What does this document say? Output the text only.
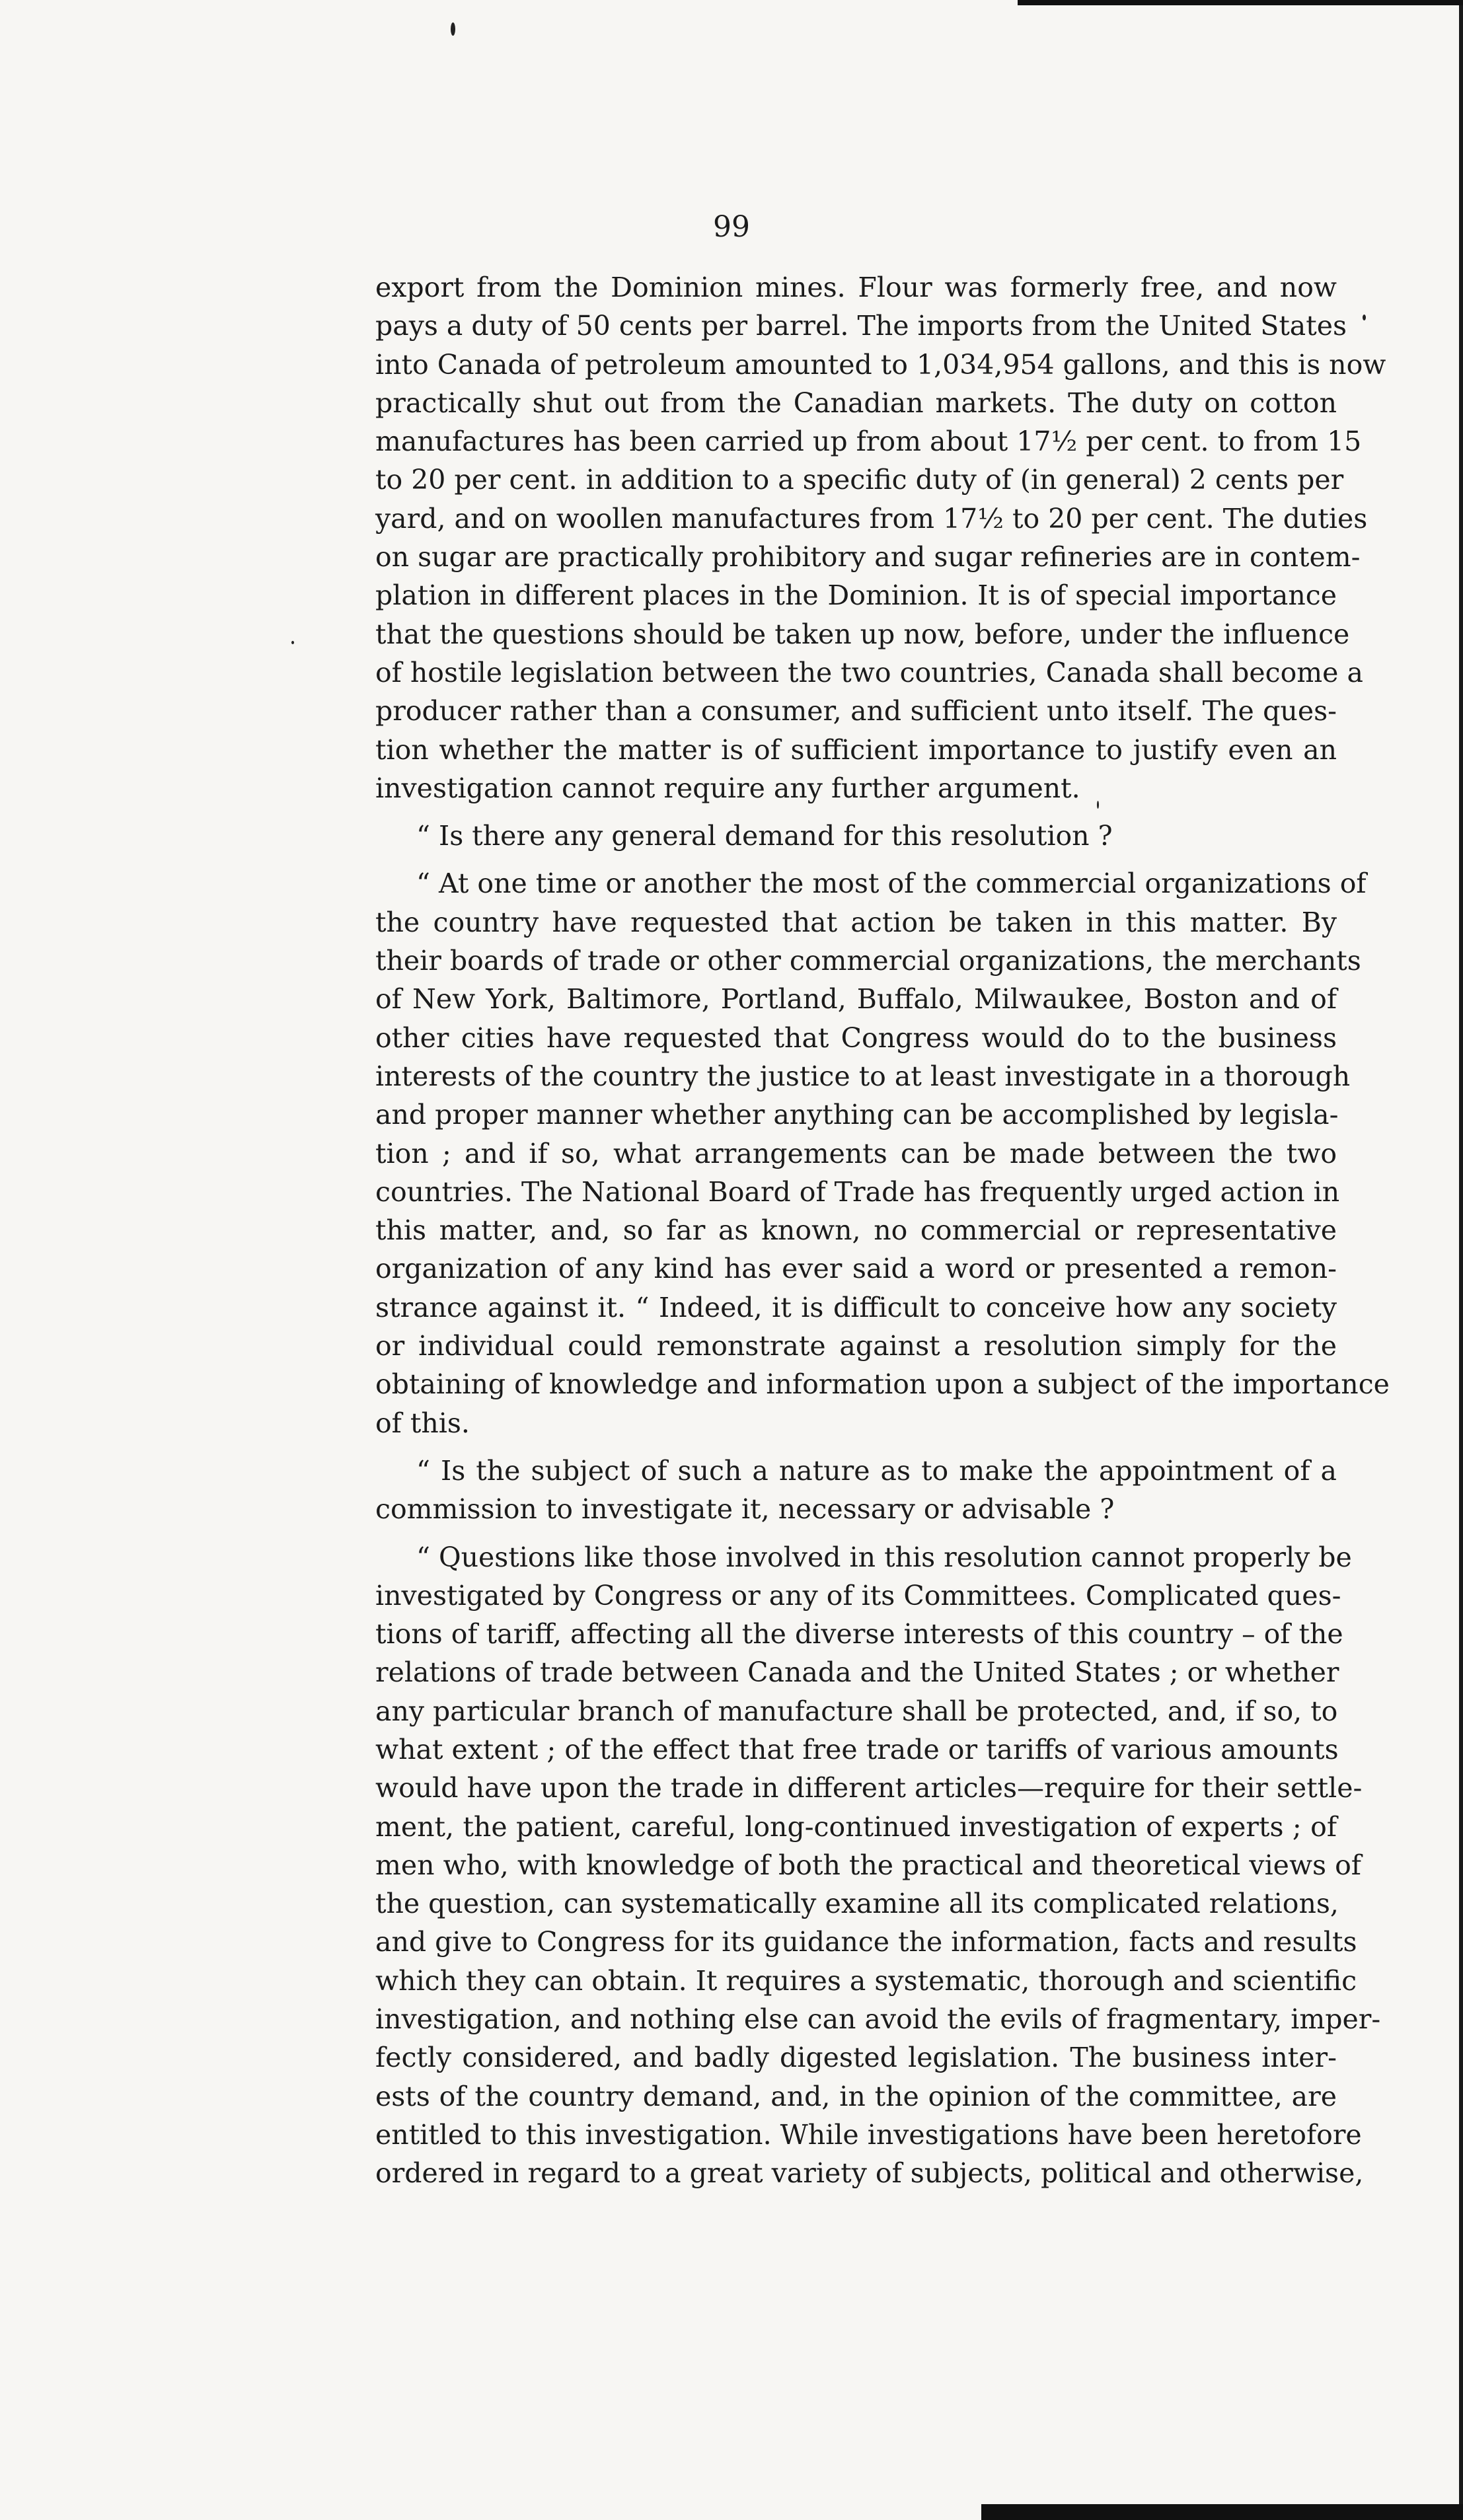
99
export from the Dominion mines. Flour was formerly free, and now
pays a duty of 50 cents per barrel. The imports from the United States
into Canada of petroleum amounted to 1,034,954 gallons, and this is now
practically shut out from the Canadian markets. The duty on cotton
manufactures has been carried up from about 17½ per cent. to from 15
to 20 per cent. in addition to a specific duty of (in general) 2 cents per
yard, and on woollen manufactures from 17½ to 20 per cent. The duties
on sugar are practically prohibitory and sugar refineries are in contem-
plation in different places in the Dominion. It is of special importance
that the questions should be taken up now, before, under the influence
of hostile legislation between the two countries, Canada shall become a
producer rather than a consumer, and sufficient unto itself. The ques-
tion whether the matter is of sufficient importance to justify even an
investigation cannot require any further argument.
“ Is there any general demand for this resolution ?
“ At one time or another the most of the commercial organizations of
the country have requested that action be taken in this matter. By
their boards of trade or other commercial organizations, the merchants
of New York, Baltimore, Portland, Buffalo, Milwaukee, Boston and of
other cities have requested that Congress would do to the business
interests of the country the justice to at least investigate in a thorough
and proper manner whether anything can be accomplished by legisla-
tion ; and if so, what arrangements can be made between the two
countries. The National Board of Trade has frequently urged action in
this matter, and, so far as known, no commercial or representative
organization of any kind has ever said a word or presented a remon-
strance against it. “ Indeed, it is difficult to conceive how any society
or individual could remonstrate against a resolution simply for the
obtaining of knowledge and information upon a subject of the importance
of this.
“ Is the subject of such a nature as to make the appointment of a
commission to investigate it, necessary or advisable ?
“ Questions like those involved in this resolution cannot properly be
investigated by Congress or any of its Committees. Complicated ques-
tions of tariff, affecting all the diverse interests of this country – of the
relations of trade between Canada and the United States ; or whether
any particular branch of manufacture shall be protected, and, if so, to
what extent ; of the effect that free trade or tariffs of various amounts
would have upon the trade in different articles—require for their settle-
ment, the patient, careful, long-continued investigation of experts ; of
men who, with knowledge of both the practical and theoretical views of
the question, can systematically examine all its complicated relations,
and give to Congress for its guidance the information, facts and results
which they can obtain. It requires a systematic, thorough and scientific
investigation, and nothing else can avoid the evils of fragmentary, imper-
fectly considered, and badly digested legislation. The business inter-
ests of the country demand, and, in the opinion of the committee, are
entitled to this investigation. While investigations have been heretofore
ordered in regard to a great variety of subjects, political and otherwise,
